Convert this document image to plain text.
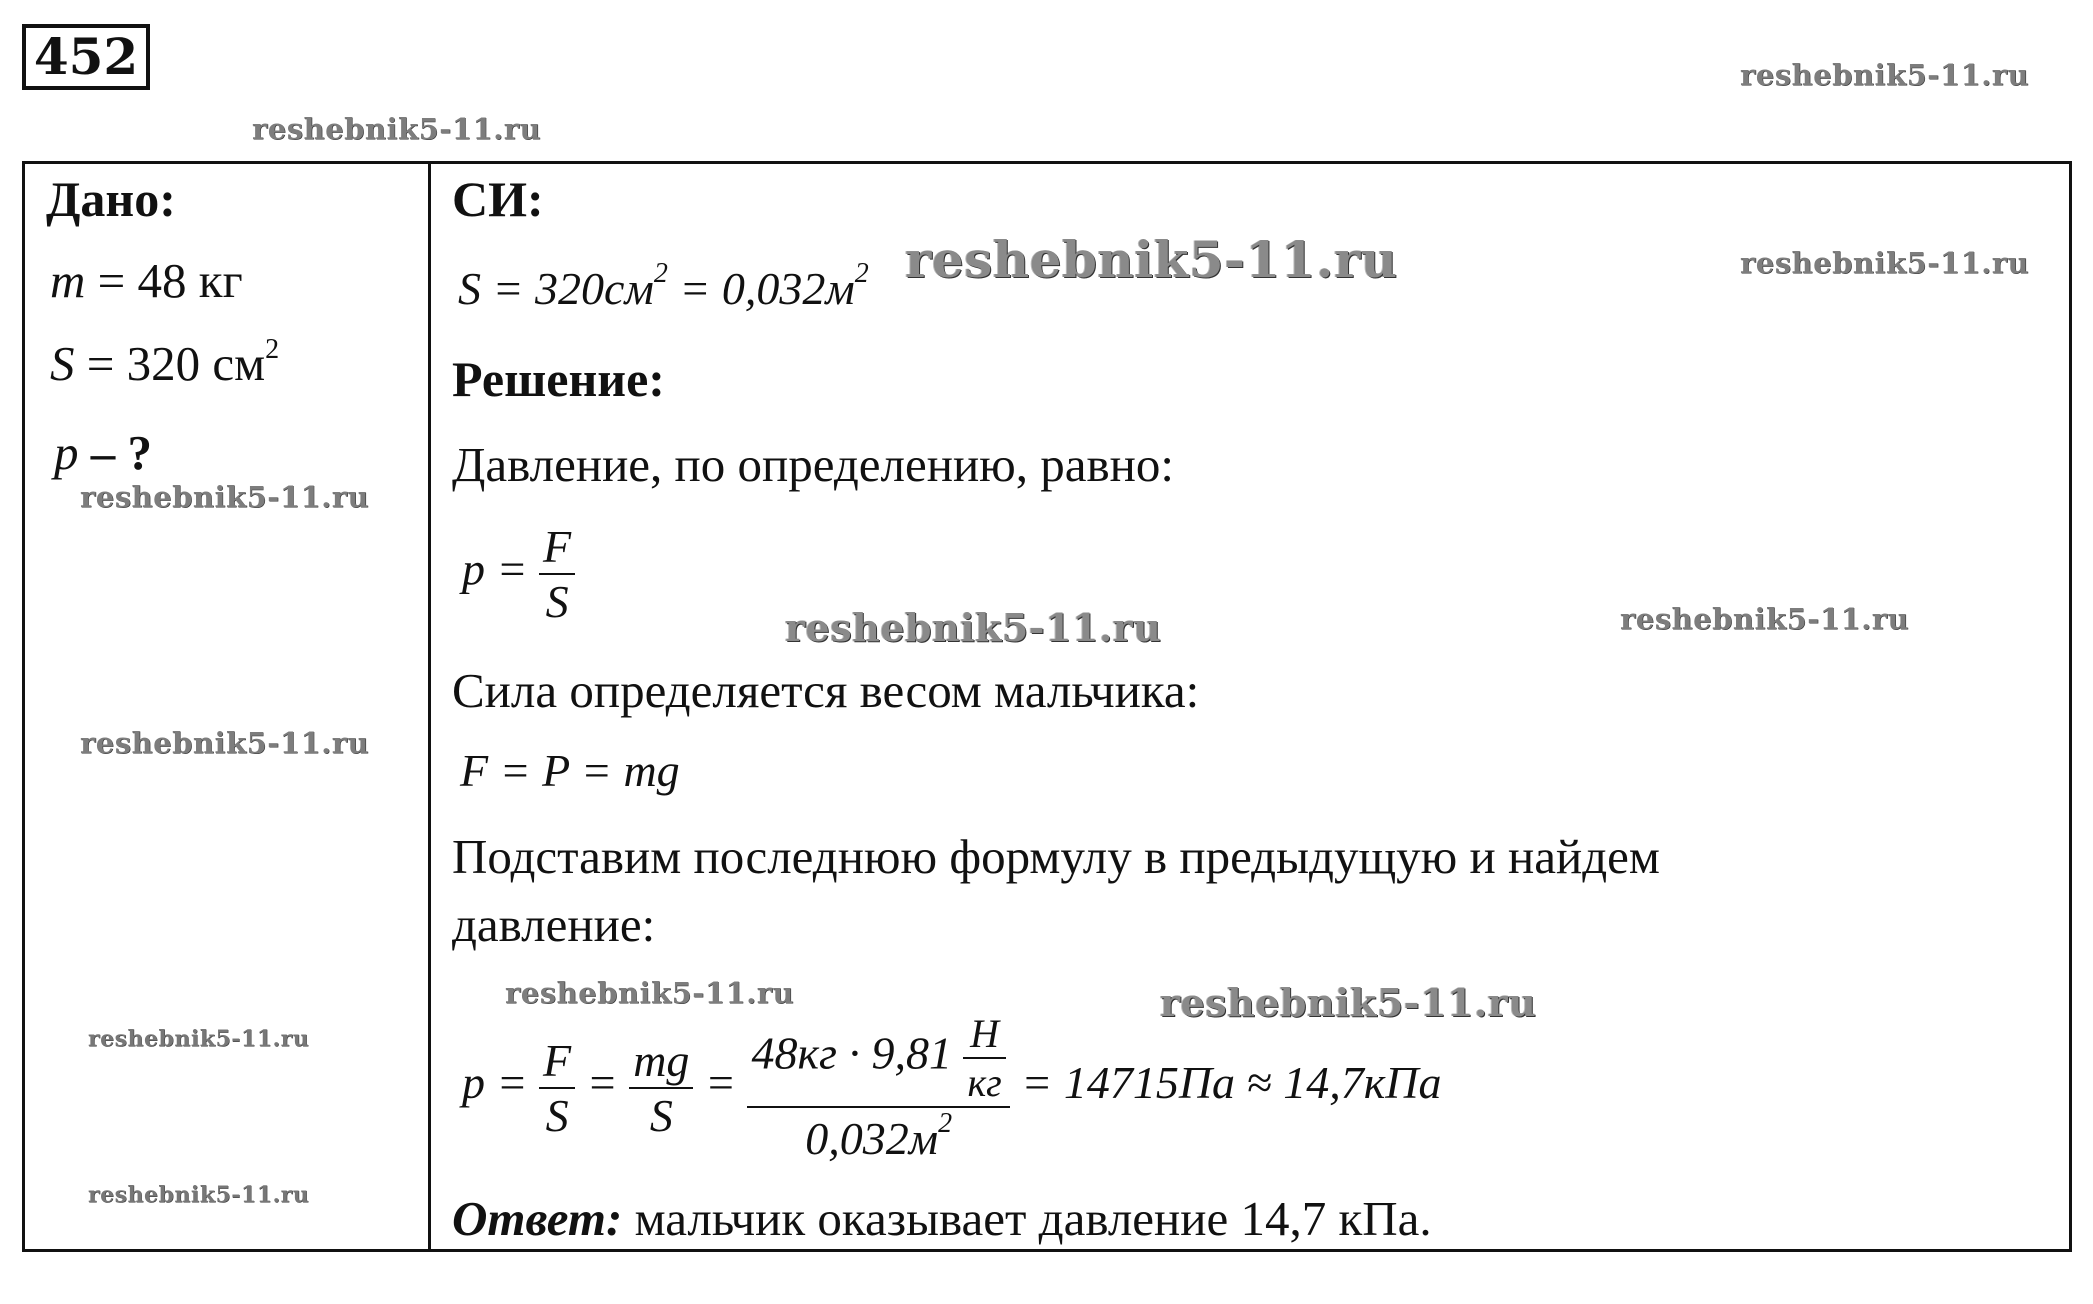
452	reshebnik5-11.ru
reshebnik5-11.ru
reshebnik5-11.ru	reshebnik5-11.ru
reshebnik5-11.ru
reshebnik5-11.ru	reshebnik5-11.ru
reshebnik5-11.ru
reshebnik5-11.ru	reshebnik5-11.ru
reshebnik5-11.ru
reshebnik5-11.ru
Дано:
m = 48 кг
S = 320 $см^2$
p – ?
СИ:
$S = 320см^2 = 0,032м^2$
Решение:
Давление, по определению, равно:
$p = \frac{F}{S}$
Сила определяется весом мальчика:
F = P = mg
Подставим последнюю формулу в предыдущую и найдем
давление:
$p = \frac{F}{S} = \frac{mg}{S} = \frac{48кг \cdot 9,81 \frac{Н}{кг}}{0,032м^2} = 14715Па \approx 14,7кПа$
Ответ: мальчик оказывает давление 14,7 кПа.
